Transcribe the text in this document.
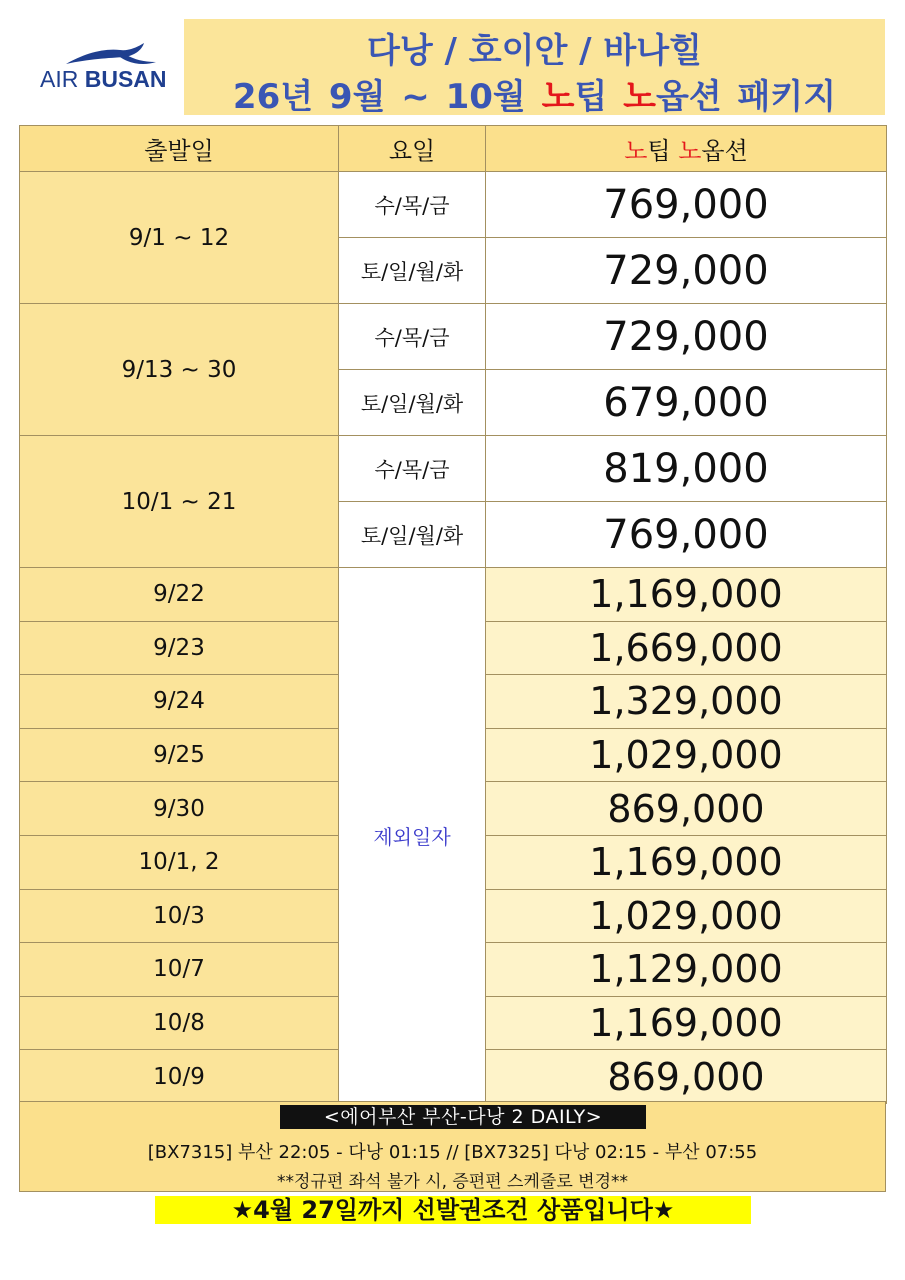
AIR BUSAN
다낭 / 호이안 / 바나힐
26년 9월 ~ 10월 노팁 노옵션 패키지
출발일	요일	노팁 노옵션
9/1 ~ 12	수/목/금	769,000
	토/일/월/화	729,000
9/13 ~ 30	수/목/금	729,000
	토/일/월/화	679,000
10/1 ~ 21	수/목/금	819,000
	토/일/월/화	769,000
9/22	제외일자	1,169,000
9/23		1,669,000
9/24		1,329,000
9/25		1,029,000
9/30		869,000
10/1, 2		1,169,000
10/3		1,029,000
10/7		1,129,000
10/8		1,169,000
10/9		869,000
<에어부산 부산-다낭 2 DAILY>
[BX7315] 부산 22:05 - 다낭 01:15 // [BX7325] 다낭 02:15 - 부산 07:55
**정규편 좌석 불가 시, 증편편 스케줄로 변경**
★4월 27일까지 선발권조건 상품입니다★
